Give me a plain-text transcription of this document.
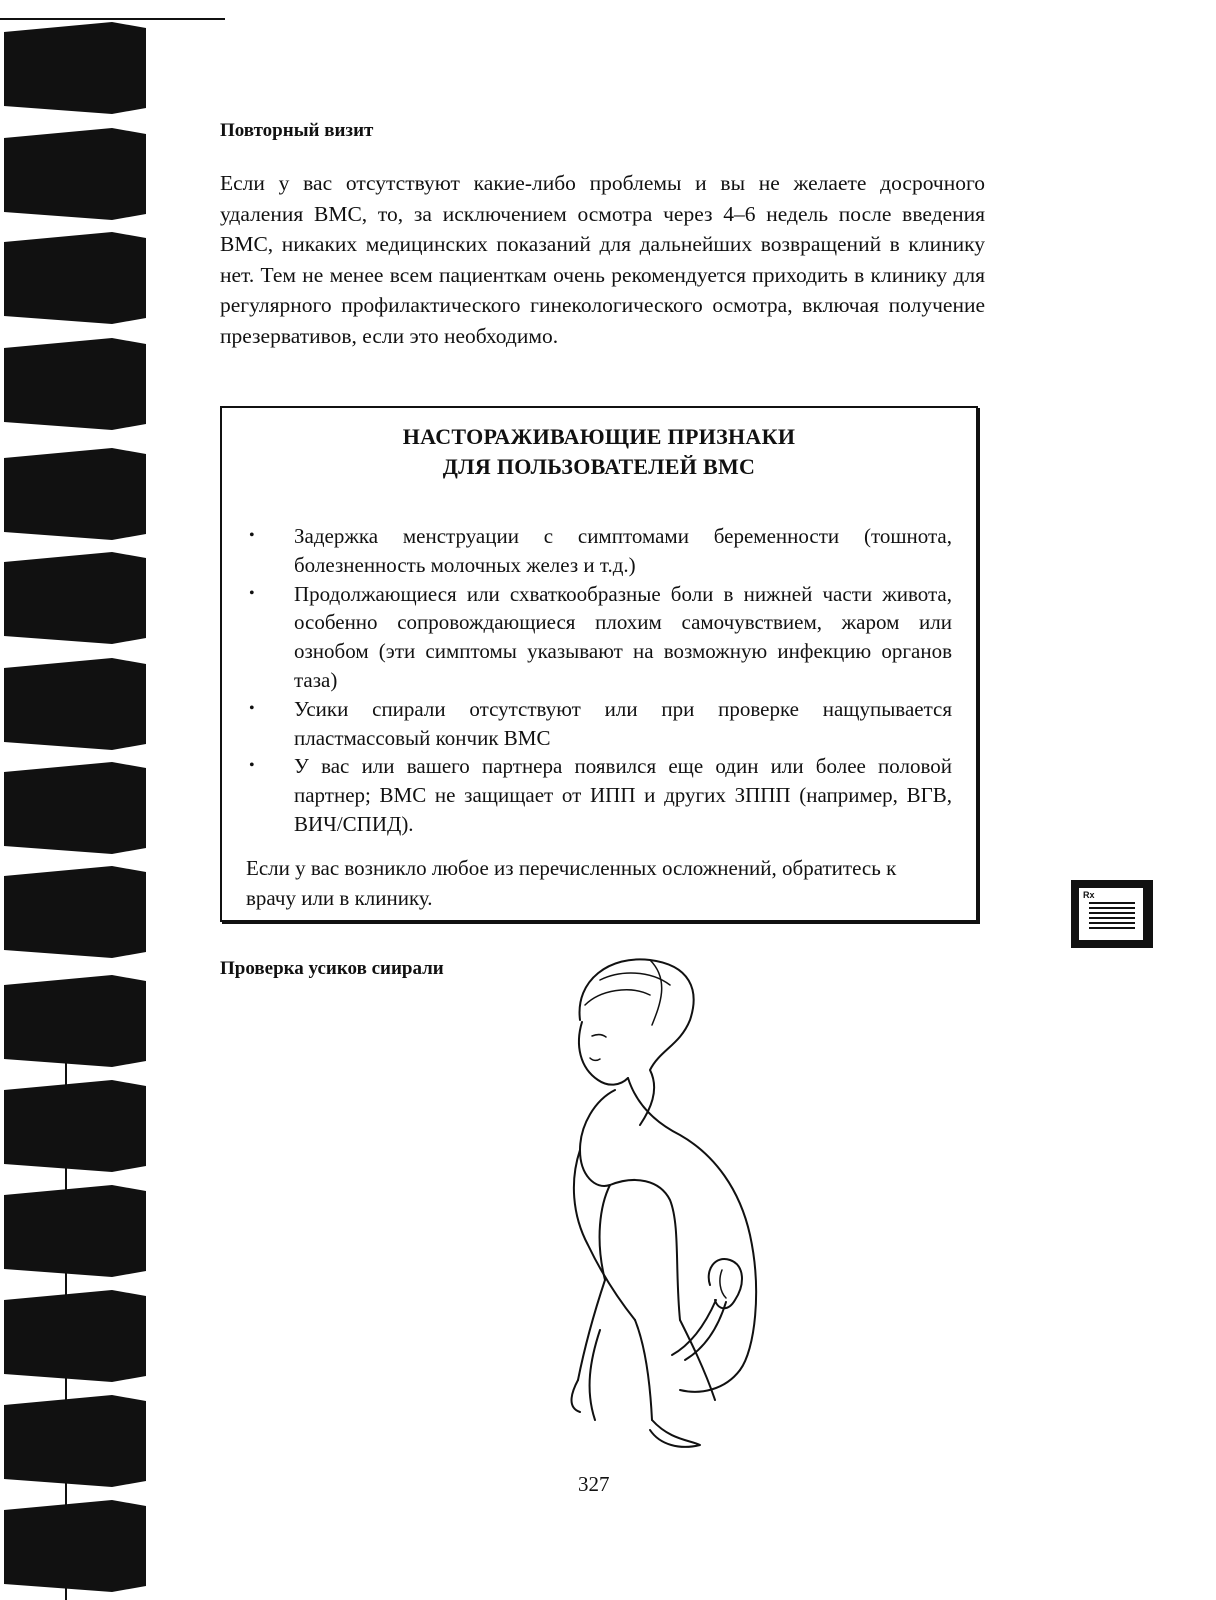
Повторный визит

Если у вас отсутствуют какие-либо проблемы и вы не желаете досрочного удаления ВМС, то, за исключением осмотра через 4–6 недель после введения ВМС, никаких медицинских показаний для дальнейших возвращений в клинику нет. Тем не менее всем пациенткам очень рекомендуется приходить в клинику для регулярного профилактического гинекологического осмотра, включая получение презервативов, если это необходимо.

НАСТОРАЖИВАЮЩИЕ ПРИЗНАКИ
ДЛЯ ПОЛЬЗОВАТЕЛЕЙ ВМС
• Задержка менструации с симптомами беременности (тошнота, болезненность молочных желез и т.д.)
• Продолжающиеся или схваткообразные боли в нижней части живота, особенно сопровождающиеся плохим самочувствием, жаром или ознобом (эти симптомы указывают на возможную инфекцию органов таза)
• Усики спирали отсутствуют или при проверке нащупывается пластмассовый кончик ВМС
• У вас или вашего партнера появился еще один или более половой партнер; ВМС не защищает от ИПП и других ЗППП (например, ВГВ, ВИЧ/СПИД).
Если у вас возникло любое из перечисленных осложнений, обратитесь к врачу или в клинику.
Проверка усиков сиирали
327
Rx
